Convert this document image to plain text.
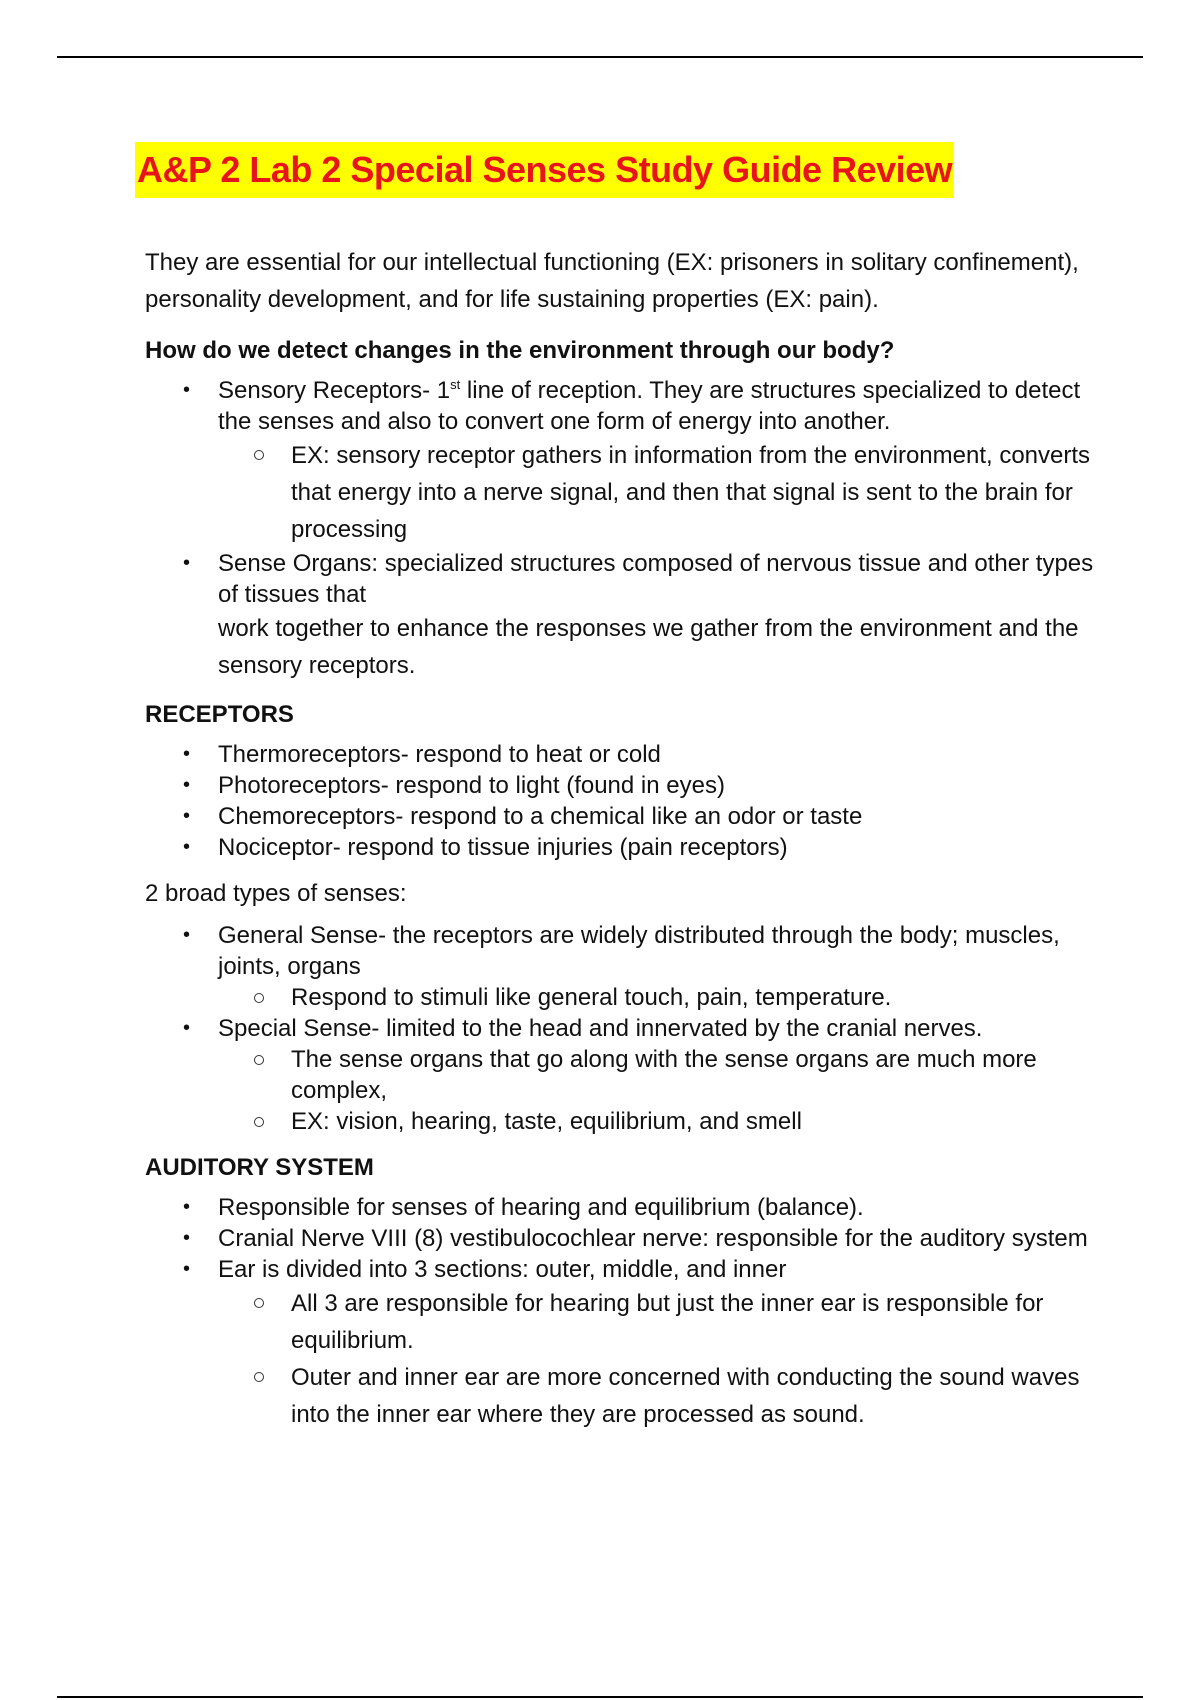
A&P 2 Lab 2 Special Senses Study Guide Review

They are essential for our intellectual functioning (EX: prisoners in solitary confinement), personality development, and for life sustaining properties (EX: pain).

How do we detect changes in the environment through our body?

• Sensory Receptors- 1st line of reception. They are structures specialized to detect the senses and also to convert one form of energy into another.
EX: sensory receptor gathers in information from the environment, converts that energy into a nerve signal, and then that signal is sent to the brain for processing
• Sense Organs: specialized structures composed of nervous tissue and other types of tissues that
work together to enhance the responses we gather from the environment and the sensory receptors.

RECEPTORS

• Thermoreceptors- respond to heat or cold
• Photoreceptors- respond to light (found in eyes)
• Chemoreceptors- respond to a chemical like an odor or taste
• Nociceptor- respond to tissue injuries (pain receptors)

2 broad types of senses:

• General Sense- the receptors are widely distributed through the body; muscles, joints, organs
Respond to stimuli like general touch, pain, temperature.
• Special Sense- limited to the head and innervated by the cranial nerves.
The sense organs that go along with the sense organs are much more complex,
EX: vision, hearing, taste, equilibrium, and smell

AUDITORY SYSTEM

• Responsible for senses of hearing and equilibrium (balance).
• Cranial Nerve VIII (8) vestibulocochlear nerve: responsible for the auditory system
• Ear is divided into 3 sections: outer, middle, and inner
All 3 are responsible for hearing but just the inner ear is responsible for equilibrium.
Outer and inner ear are more concerned with conducting the sound waves into the inner ear where they are processed as sound.
